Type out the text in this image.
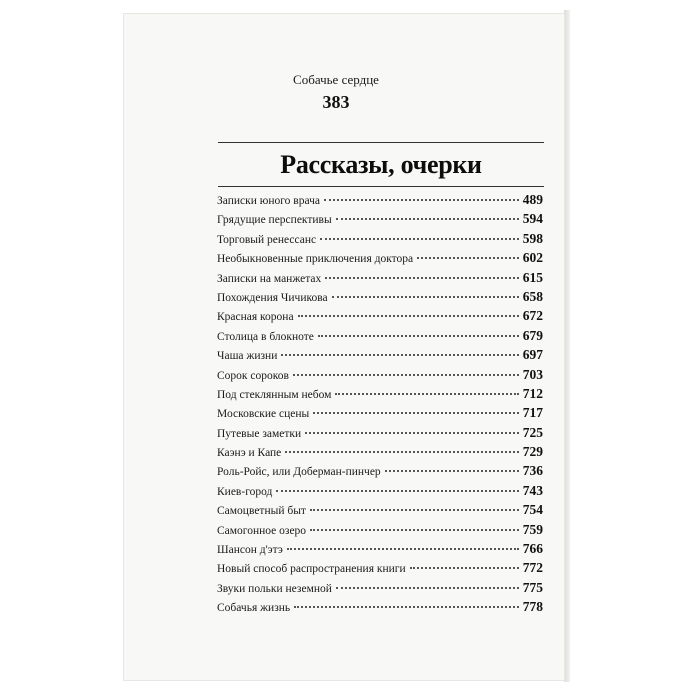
Собачье сердце
383
Рассказы, очерки
Записки юного врача	489
Грядущие перспективы	594
Торговый ренессанс	598
Необыкновенные приключения доктора	602
Записки на манжетах	615
Похождения Чичикова	658
Красная корона	672
Столица в блокноте	679
Чаша жизни	697
Сорок сороков	703
Под стеклянным небом	712
Московские сцены	717
Путевые заметки	725
Каэнэ и Капе	729
Роль-Ройс, или Доберман-пинчер	736
Киев-город	743
Самоцветный быт	754
Самогонное озеро	759
Шансон д'этэ	766
Новый способ распространения книги	772
Звуки польки неземной	775
Собачья жизнь	778
